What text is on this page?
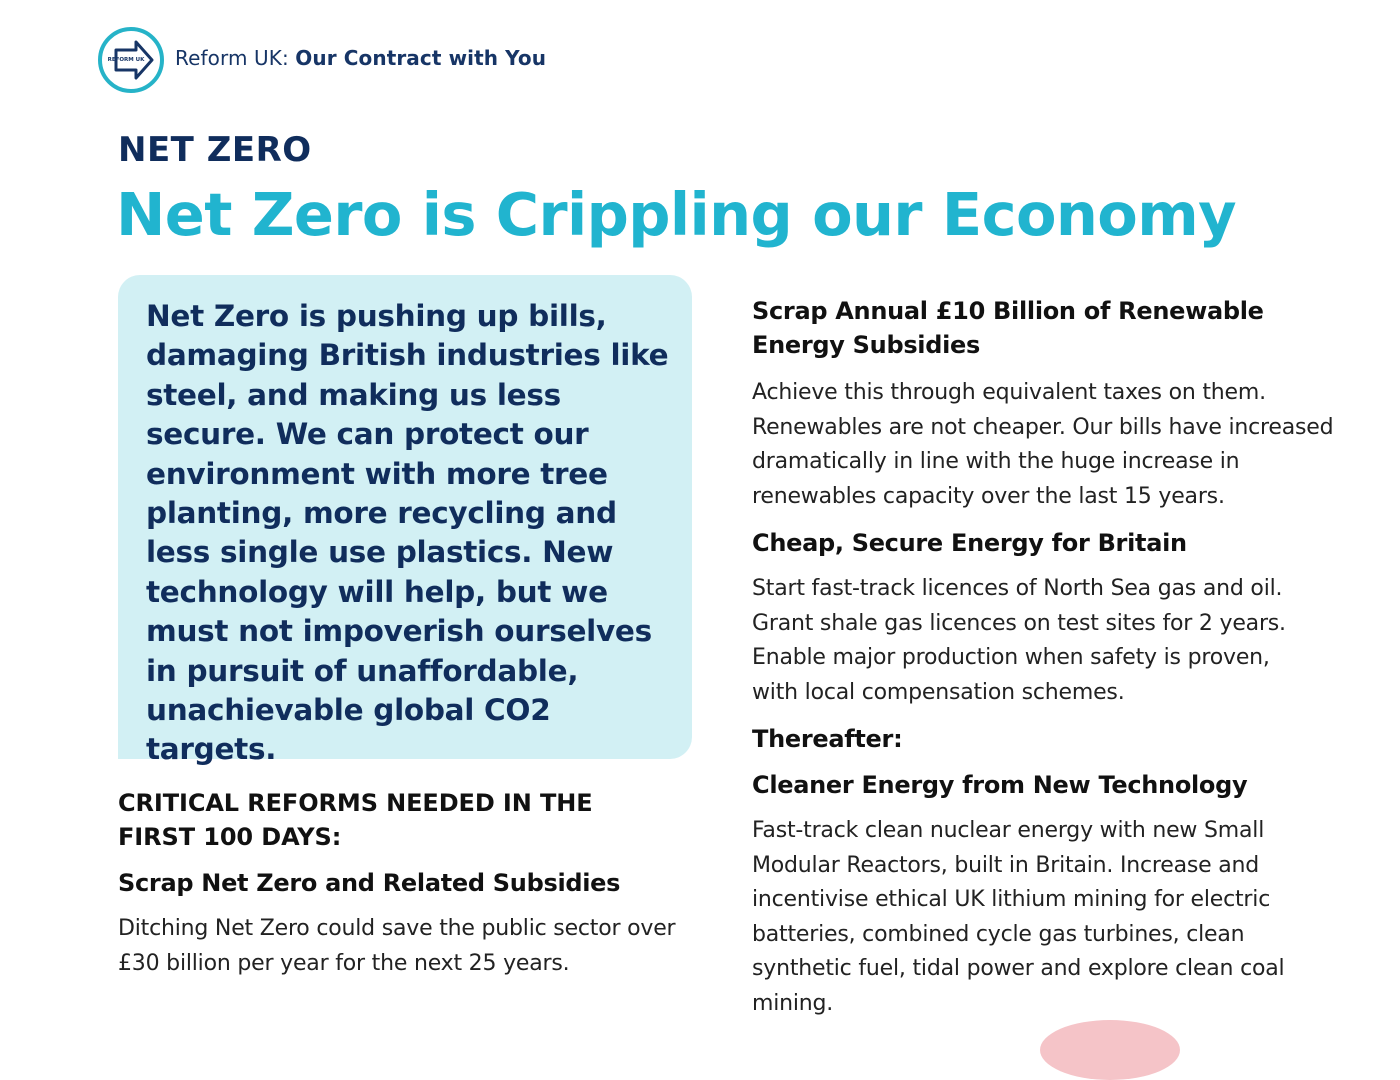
REFORM UK Reform UK: Our Contract with You
NET ZERO
Net Zero is Crippling our Economy
Net Zero is pushing up bills, damaging British industries like steel, and making us less secure. We can protect our environment with more tree planting, more recycling and less single use plastics. New technology will help, but we must not impoverish ourselves in pursuit of unaffordable, unachievable global CO2 targets.

CRITICAL REFORMS NEEDED IN THE

FIRST 100 DAYS:

Scrap Net Zero and Related Subsidies

Ditching Net Zero could save the public sector over £30 billion per year for the next 25 years.

Scrap Annual £10 Billion of Renewable Energy Subsidies

Achieve this through equivalent taxes on them. Renewables are not cheaper. Our bills have increased dramatically in line with the huge increase in renewables capacity over the last 15 years.

Cheap, Secure Energy for Britain

Start fast-track licences of North Sea gas and oil. Grant shale gas licences on test sites for 2 years. Enable major production when safety is proven, with local compensation schemes.

Thereafter:

Cleaner Energy from New Technology

Fast-track clean nuclear energy with new Small Modular Reactors, built in Britain. Increase and incentivise ethical UK lithium mining for electric batteries, combined cycle gas turbines, clean synthetic fuel, tidal power and explore clean coal mining.
